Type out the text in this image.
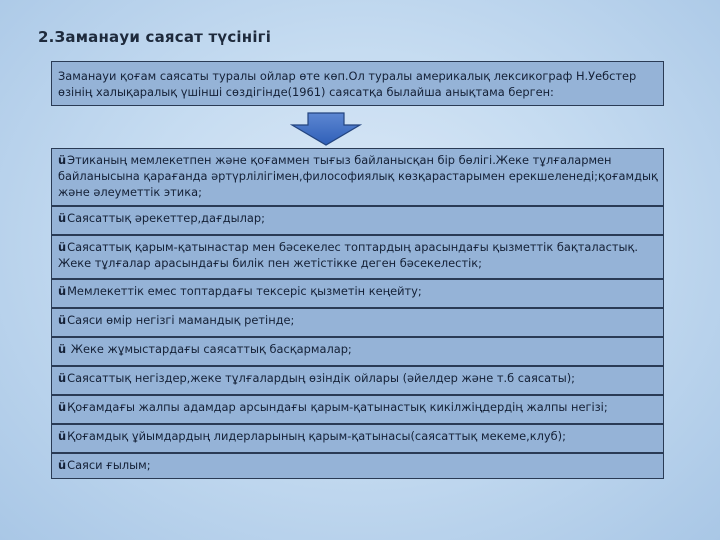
2.Заманауи саясат түсінігі
Заманауи қоғам саясаты туралы ойлар өте көп.Ол туралы америкалық лексикограф Н.Уебстер өзінің халықаралық үшінші сөздігінде(1961) саясатқа былайша анықтама берген:
üЭтиканың мемлекетпен және қоғаммен тығыз байланысқан бір бөлігі.Жеке тұлғалармен байланысына қарағанда әртүрлілігімен,философиялық көзқарастарымен ерекшеленеді;қоғамдық және әлеуметтік этика;
üСаясаттық әрекеттер,дағдылар;
üСаясаттық қарым-қатынастар мен бәсекелес топтардың арасындағы қызметтік бақталастық. Жеке тұлғалар арасындағы билік пен жетістікке деген бәсекелестік;
üМемлекеттік емес топтардағы тексеріс қызметін кеңейту;
üСаяси өмір негізгі мамандық ретінде;
ü Жеке жұмыстардағы саясаттық басқармалар;
üСаясаттық негіздер,жеке тұлғалардың өзіндік ойлары (әйелдер және т.б саясаты);
üҚоғамдағы жалпы адамдар арсындағы қарым-қатынастық кикілжіңдердің жалпы негізі;
üҚоғамдық ұйымдардың лидерларының қарым-қатынасы(саясаттық мекеме,клуб);
üСаяси ғылым;
